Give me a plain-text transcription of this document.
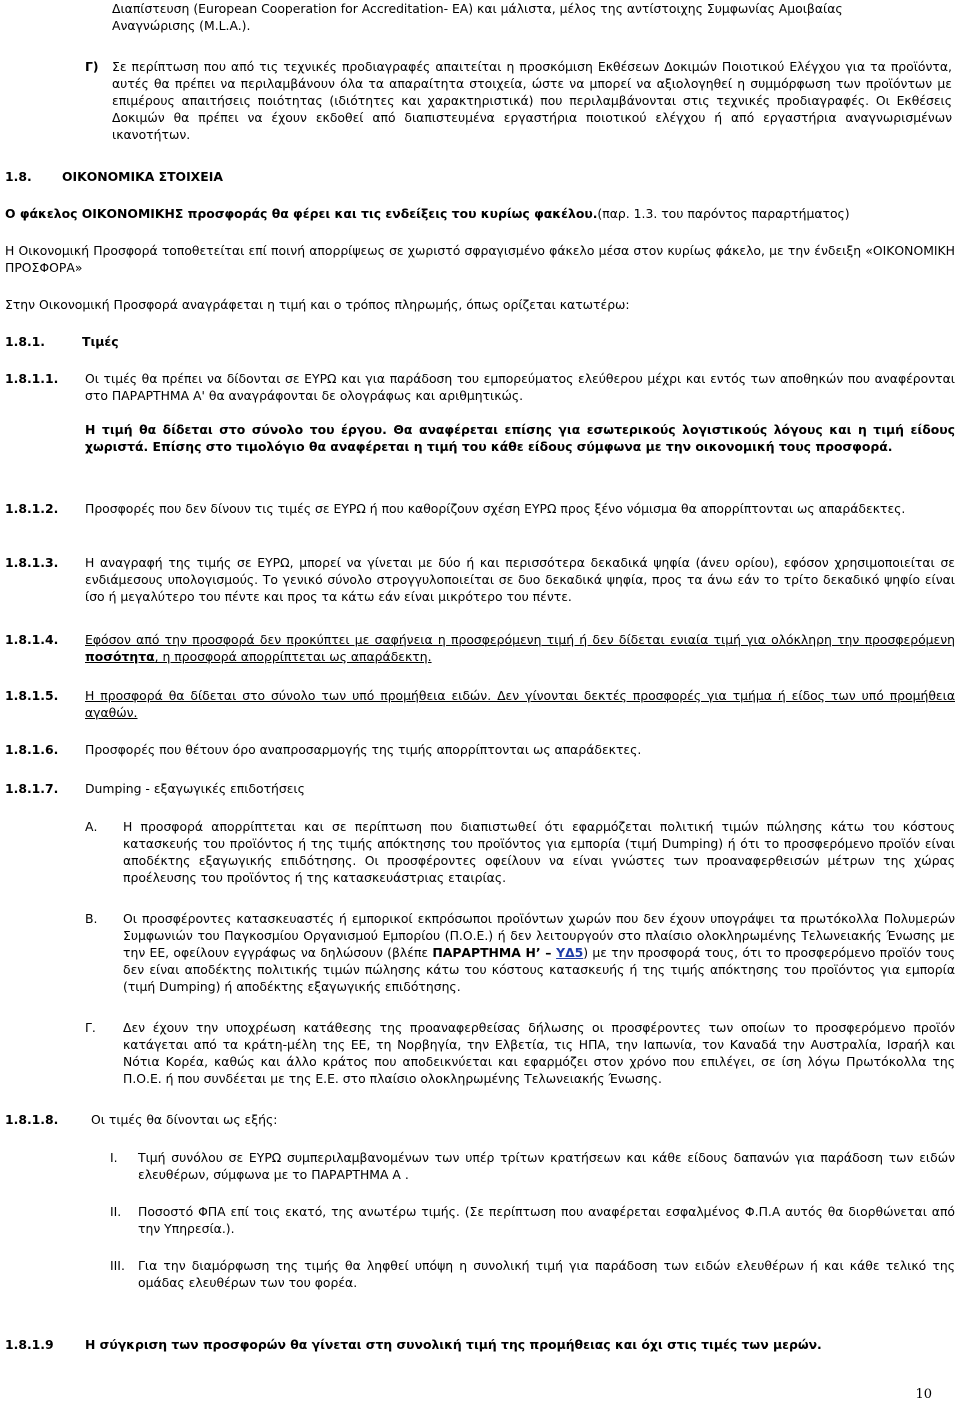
Διαπίστευση (European Cooperation for Accreditation- EA) και μάλιστα, μέλος της αντίστοιχης Συμφωνίας Αμοιβαίας

Αναγνώρισης (M.L.A.).

Γ) Σε περίπτωση που από τις τεχνικές προδιαγραφές απαιτείται η προσκόμιση Εκθέσεων Δοκιμών Ποιοτικού Ελέγχου για τα προϊόντα, αυτές θα πρέπει να περιλαμβάνουν όλα τα απαραίτητα στοιχεία, ώστε να μπορεί να αξιολογηθεί η συμμόρφωση των προϊόντων με επιμέρους απαιτήσεις ποιότητας (ιδιότητες και χαρακτηριστικά) που περιλαμβάνονται στις τεχνικές προδιαγραφές. Οι Εκθέσεις Δοκιμών θα πρέπει να έχουν εκδοθεί από διαπιστευμένα εργαστήρια ποιοτικού ελέγχου ή από εργαστήρια αναγνωρισμένων ικανοτήτων.

1.8. ΟΙΚΟΝΟΜΙΚΑ ΣΤΟΙΧΕΙΑ

Ο φάκελος ΟΙΚΟΝΟΜΙΚΗΣ προσφοράς θα φέρει και τις ενδείξεις του κυρίως φακέλου.(παρ. 1.3. του παρόντος παραρτήματος)

Η Οικονομική Προσφορά τοποθετείται επί ποινή απορρίψεως σε χωριστό σφραγισμένο φάκελο μέσα στον κυρίως φάκελο, με την ένδειξη «ΟΙΚΟΝΟΜΙΚΗ ΠΡΟΣΦΟΡΑ»

Στην Οικονομική Προσφορά αναγράφεται η τιμή και ο τρόπος πληρωμής, όπως ορίζεται κατωτέρω:

1.8.1.	Τιμές
1.8.1.1. Οι τιμές θα πρέπει να δίδονται σε ΕΥΡΩ και για παράδοση του εμπορεύματος ελεύθερου μέχρι και εντός των αποθηκών που αναφέρονται στο ΠΑΡΑΡΤΗΜΑ Α' θα αναγράφονται δε ολογράφως και αριθμητικώς.

Η τιμή θα δίδεται στο σύνολο του έργου. Θα αναφέρεται επίσης για εσωτερικούς λογιστικούς λόγους και η τιμή είδους χωριστά. Επίσης στο τιμολόγιο θα αναφέρεται η τιμή του κάθε είδους σύμφωνα με την οικονομική τους προσφορά.

1.8.1.2. Προσφορές που δεν δίνουν τις τιμές σε ΕΥΡΩ ή που καθορίζουν σχέση ΕΥΡΩ προς ξένο νόμισμα θα απορρίπτονται ως απαράδεκτες.

1.8.1.3. Η αναγραφή της τιμής σε ΕΥΡΩ, μπορεί να γίνεται με δύο ή και περισσότερα δεκαδικά ψηφία (άνευ ορίου), εφόσον χρησιμοποιείται σε ενδιάμεσους υπολογισμούς. Το γενικό σύνολο στρογγυλοποιείται σε δυο δεκαδικά ψηφία, προς τα άνω εάν το τρίτο δεκαδικό ψηφίο είναι ίσο ή μεγαλύτερο του πέντε και προς τα κάτω εάν είναι μικρότερο του πέντε.

1.8.1.4. Εφόσον από την προσφορά δεν προκύπτει με σαφήνεια η προσφερόμενη τιμή ή δεν δίδεται ενιαία τιμή για ολόκληρη την προσφερόμενη ποσότητα, η προσφορά απορρίπτεται ως απαράδεκτη.

1.8.1.5. Η προσφορά θα δίδεται στο σύνολο των υπό προμήθεια ειδών. Δεν γίνονται δεκτές προσφορές για τμήμα ή είδος των υπό προμήθεια αγαθών.

1.8.1.6. Προσφορές που θέτουν όρο αναπροσαρμογής της τιμής απορρίπτονται ως απαράδεκτες.

1.8.1.7. Dumping - εξαγωγικές επιδοτήσεις

Α. Η προσφορά απορρίπτεται και σε περίπτωση που διαπιστωθεί ότι εφαρμόζεται πολιτική τιμών πώλησης κάτω του κόστους κατασκευής του προϊόντος ή της τιμής απόκτησης του προϊόντος για εμπορία (τιμή Dumping) ή ότι το προσφερόμενο προϊόν είναι αποδέκτης εξαγωγικής επιδότησης. Οι προσφέροντες οφείλουν να είναι γνώστες των προαναφερθεισών μέτρων της χώρας προέλευσης του προϊόντος ή της κατασκευάστριας εταιρίας.

Β. Οι προσφέροντες κατασκευαστές ή εμπορικοί εκπρόσωποι προϊόντων χωρών που δεν έχουν υπογράψει τα πρωτόκολλα Πολυμερών Συμφωνιών του Παγκοσμίου Οργανισμού Εμπορίου (Π.Ο.Ε.) ή δεν λειτουργούν στο πλαίσιο ολοκληρωμένης Τελωνειακής Ένωσης με την ΕΕ, οφείλουν εγγράφως να δηλώσουν (βλέπε ΠΑΡΑΡΤΗΜΑ Η’ – ΥΔ5) με την προσφορά τους, ότι το προσφερόμενο προϊόν τους δεν είναι αποδέκτης πολιτικής τιμών πώλησης κάτω του κόστους κατασκευής ή της τιμής απόκτησης του προϊόντος για εμπορία (τιμή Dumping) ή αποδέκτης εξαγωγικής επιδότησης.

Γ. Δεν έχουν την υποχρέωση κατάθεσης της προαναφερθείσας δήλωσης οι προσφέροντες των οποίων το προσφερόμενο προϊόν κατάγεται από τα κράτη-μέλη της ΕΕ, τη Νορβηγία, την Ελβετία, τις ΗΠΑ, την Ιαπωνία, τον Καναδά την Αυστραλία, Ισραήλ και Νότια Κορέα, καθώς και άλλο κράτος που αποδεικνύεται και εφαρμόζει στον χρόνο που επιλέγει, σε ίση λόγω Πρωτόκολλα της Π.Ο.Ε. ή που συνδέεται με της Ε.Ε. στο πλαίσιο ολοκληρωμένης Τελωνειακής Ένωσης.

1.8.1.8.	Οι τιμές θα δίνονται ως εξής:

I. Τιμή συνόλου σε ΕΥΡΩ συμπεριλαμβανομένων των υπέρ τρίτων κρατήσεων και κάθε είδους δαπανών για παράδοση των ειδών ελευθέρων, σύμφωνα με το ΠΑΡΑΡΤΗΜΑ Α .

II. Ποσοστό ΦΠΑ επί τοις εκατό, της ανωτέρω τιμής. (Σε περίπτωση που αναφέρεται εσφαλμένος Φ.Π.Α αυτός θα διορθώνεται από την Υπηρεσία.).

III. Για την διαμόρφωση της τιμής θα ληφθεί υπόψη η συνολική τιμή για παράδοση των ειδών ελευθέρων ή και κάθε τελικό της ομάδας ελευθέρων των του φορέα.

1.8.1.9	Η σύγκριση των προσφορών θα γίνεται στη συνολική τιμή της προμήθειας και όχι στις τιμές των μερών.

10
